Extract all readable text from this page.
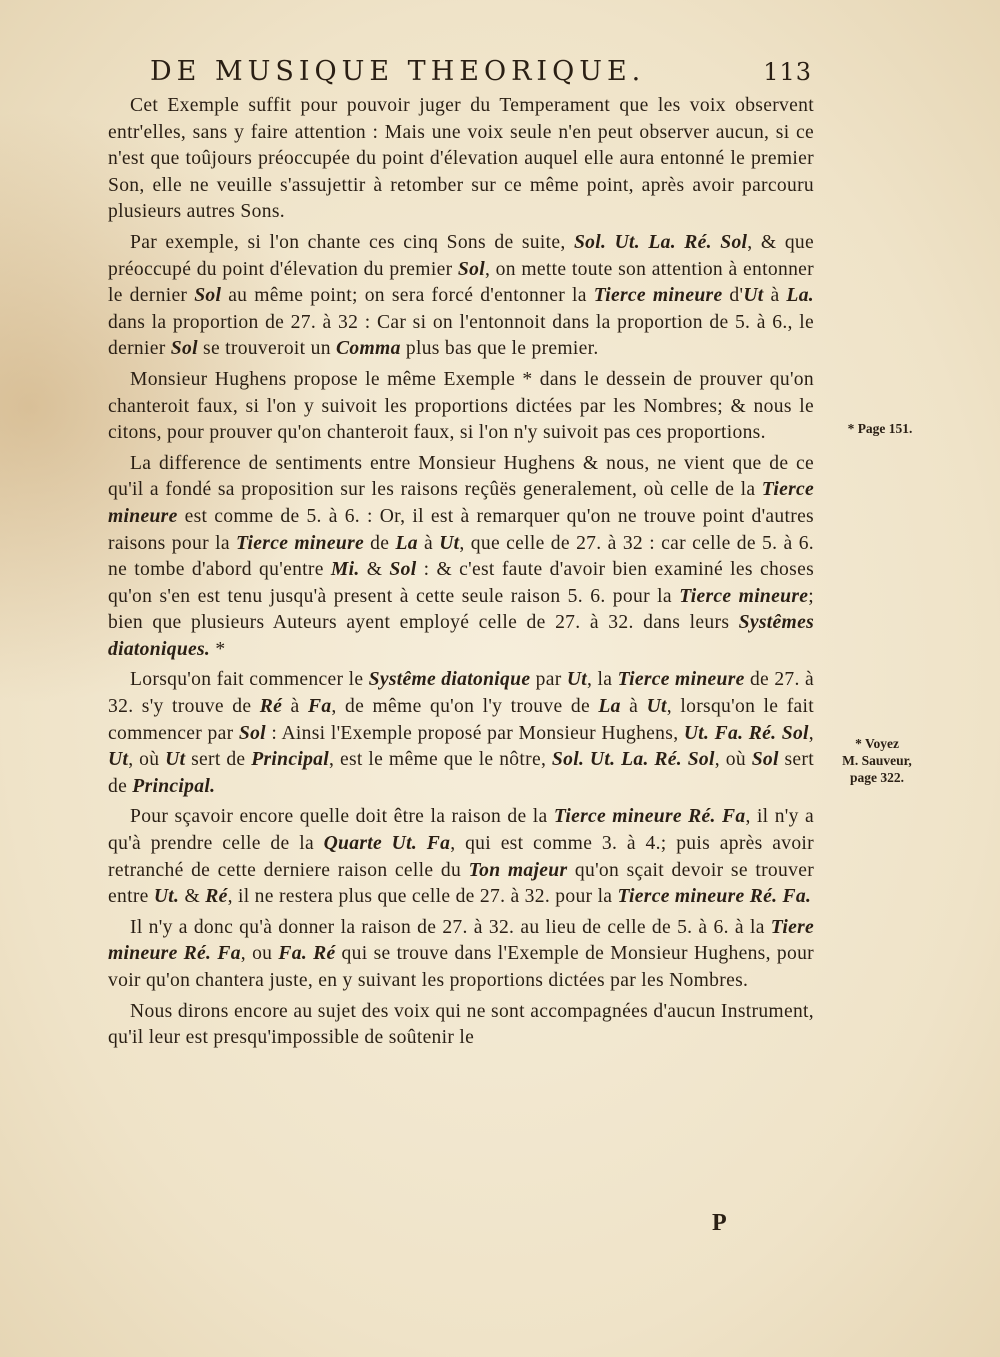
DE MUSIQUE THEORIQUE.	113

Cet Exemple suffit pour pouvoir juger du Temperament que les voix observent entr'elles, sans y faire attention : Mais une voix seule n'en peut observer aucun, si ce n'est que toûjours préoccupée du point d'élevation auquel elle aura entonné le premier Son, elle ne veuille s'assujettir à retomber sur ce même point, après avoir parcouru plusieurs autres Sons.

Par exemple, si l'on chante ces cinq Sons de suite, Sol. Ut. La. Ré. Sol, & que préoccupé du point d'élevation du premier Sol, on mette toute son attention à entonner le dernier Sol au même point; on sera forcé d'entonner la Tierce mineure d'Ut à La. dans la proportion de 27. à 32 : Car si on l'entonnoit dans la proportion de 5. à 6., le dernier Sol se trouveroit un Comma plus bas que le premier.

Monsieur Hughens propose le même Exemple * dans le dessein de prouver qu'on chanteroit faux, si l'on y suivoit les proportions dictées par les Nombres; & nous le citons, pour prouver qu'on chanteroit faux, si l'on n'y suivoit pas ces proportions.

La difference de sentiments entre Monsieur Hughens & nous, ne vient que de ce qu'il a fondé sa proposition sur les raisons reçûës generalement, où celle de la Tierce mineure est comme de 5. à 6. : Or, il est à remarquer qu'on ne trouve point d'autres raisons pour la Tierce mineure de La à Ut, que celle de 27. à 32 : car celle de 5. à 6. ne tombe d'abord qu'entre Mi. & Sol : & c'est faute d'avoir bien examiné les choses qu'on s'en est tenu jusqu'à present à cette seule raison 5. 6. pour la Tierce mineure; bien que plusieurs Auteurs ayent employé celle de 27. à 32. dans leurs Systêmes diatoniques. *

Lorsqu'on fait commencer le Systême diatonique par Ut, la Tierce mineure de 27. à 32. s'y trouve de Ré à Fa, de même qu'on l'y trouve de La à Ut, lorsqu'on le fait commencer par Sol : Ainsi l'Exemple proposé par Monsieur Hughens, Ut. Fa. Ré. Sol, Ut, où Ut sert de Principal, est le même que le nôtre, Sol. Ut. La. Ré. Sol, où Sol sert de Principal.

Pour sçavoir encore quelle doit être la raison de la Tierce mineure Ré. Fa, il n'y a qu'à prendre celle de la Quarte Ut. Fa, qui est comme 3. à 4.; puis après avoir retranché de cette derniere raison celle du Ton majeur qu'on sçait devoir se trouver entre Ut. & Ré, il ne restera plus que celle de 27. à 32. pour la Tierce mineure Ré. Fa.

Il n'y a donc qu'à donner la raison de 27. à 32. au lieu de celle de 5. à 6. à la Tiere mineure Ré. Fa, ou Fa. Ré qui se trouve dans l'Exemple de Monsieur Hughens, pour voir qu'on chantera juste, en y suivant les proportions dictées par les Nombres.

Nous dirons encore au sujet des voix qui ne sont accompagnées d'aucun Instrument, qu'il leur est presqu'impossible de soûtenir le

* Page 151.
* Voyez
M. Sauveur,
page 322.
P
